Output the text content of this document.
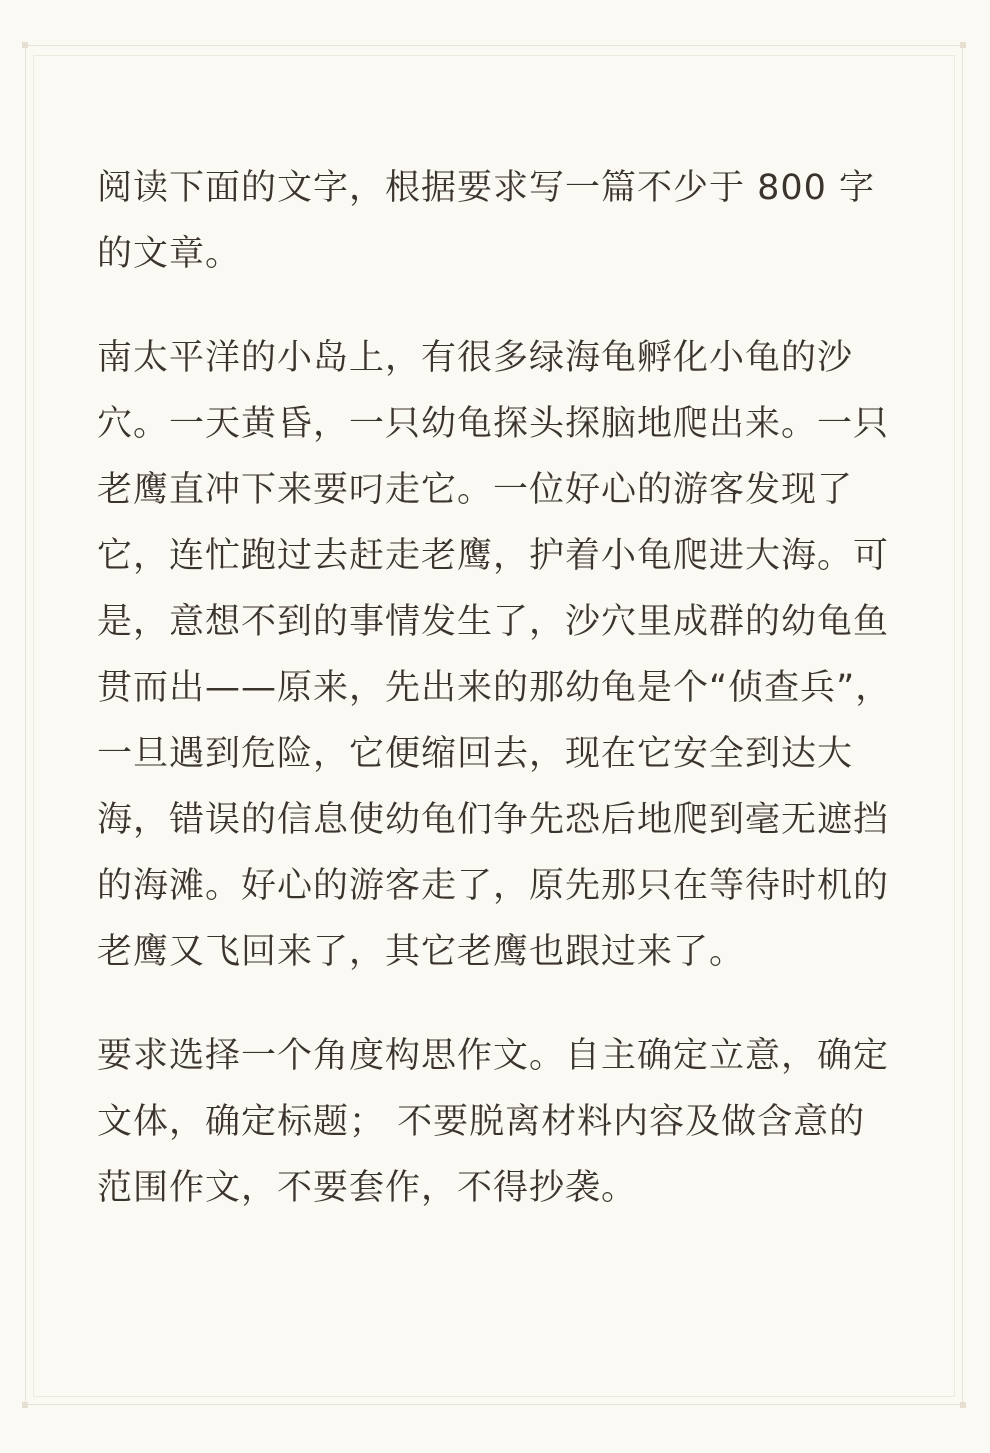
阅读下面的文字，根据要求写一篇不少于 800 字的文章。

南太平洋的小岛上，有很多绿海龟孵化小龟的沙穴。一天黄昏，一只幼龟探头探脑地爬出来。一只老鹰直冲下来要叼走它。一位好心的游客发现了它，连忙跑过去赶走老鹰，护着小龟爬进大海。可是，意想不到的事情发生了，沙穴里成群的幼龟鱼贯而出——原来，先出来的那幼龟是个“侦查兵”，一旦遇到危险，它便缩回去，现在它安全到达大海，错误的信息使幼龟们争先恐后地爬到毫无遮挡的海滩。好心的游客走了，原先那只在等待时机的老鹰又飞回来了，其它老鹰也跟过来了。

要求选择一个角度构思作文。自主确定立意，确定文体，确定标题； 不要脱离材料内容及做含意的范围作文，不要套作，不得抄袭。
